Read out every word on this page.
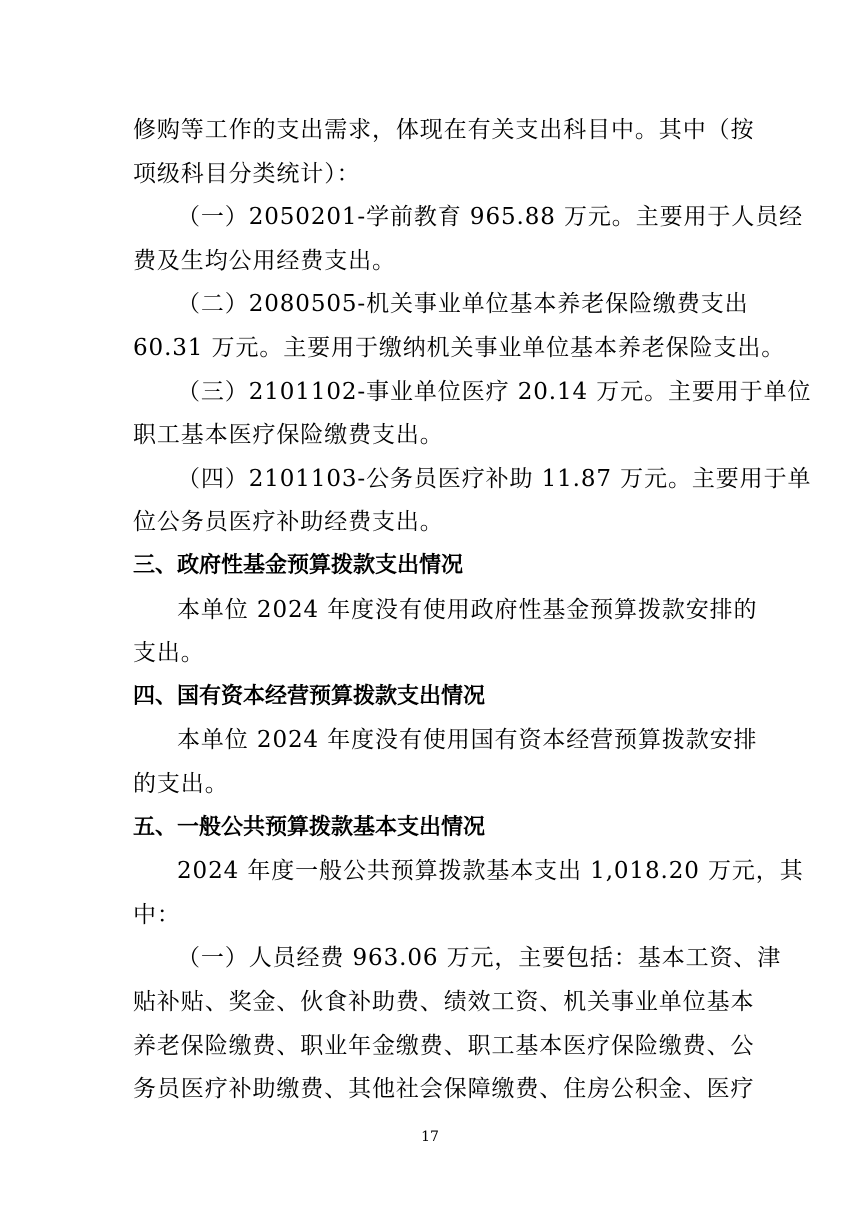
修购等工作的支出需求，体现在有关支出科目中。其中（按
项级科目分类统计）：
（一）2050201-学前教育 965.88 万元。主要用于人员经
费及生均公用经费支出。
（二）2080505-机关事业单位基本养老保险缴费支出
60.31 万元。主要用于缴纳机关事业单位基本养老保险支出。
（三）2101102-事业单位医疗 20.14 万元。主要用于单位
职工基本医疗保险缴费支出。
（四）2101103-公务员医疗补助 11.87 万元。主要用于单
位公务员医疗补助经费支出。
三、政府性基金预算拨款支出情况
本单位 2024 年度没有使用政府性基金预算拨款安排的
支出。
四、国有资本经营预算拨款支出情况
本单位 2024 年度没有使用国有资本经营预算拨款安排
的支出。
五、一般公共预算拨款基本支出情况
2024 年度一般公共预算拨款基本支出 1,018.20 万元，其
中：
（一）人员经费 963.06 万元，主要包括：基本工资、津
贴补贴、奖金、伙食补助费、绩效工资、机关事业单位基本
养老保险缴费、职业年金缴费、职工基本医疗保险缴费、公
17
务员医疗补助缴费、其他社会保障缴费、住房公积金、医疗
